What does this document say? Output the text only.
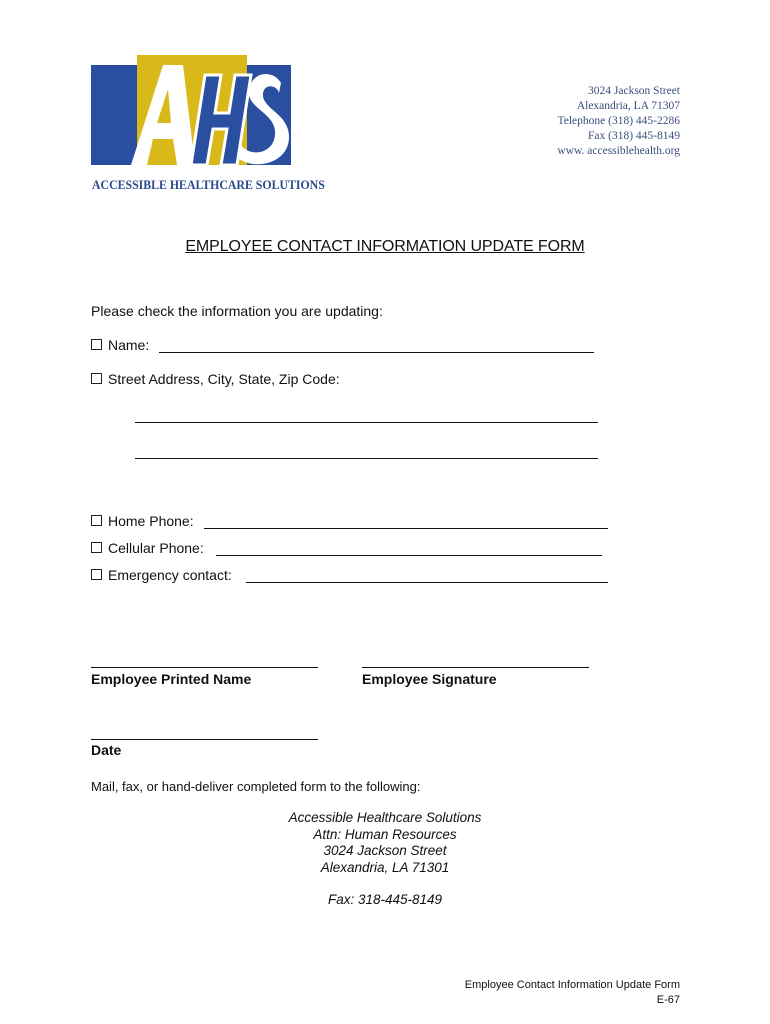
ACCESSIBLE HEALTHCARE SOLUTIONS
3024 Jackson Street
Alexandria, LA 71307
Telephone (318) 445-2286
Fax (318) 445-8149
www. accessiblehealth.org
EMPLOYEE CONTACT INFORMATION UPDATE FORM
Please check the information you are updating:
Name:
Street Address, City, State, Zip Code:
Home Phone:
Cellular Phone:
Emergency contact:
Employee Printed Name	Employee Signature
Date
Mail, fax, or hand-deliver completed form to the following:
Accessible Healthcare Solutions
Attn: Human Resources
3024 Jackson Street
Alexandria, LA 71301
Fax: 318-445-8149
Employee Contact Information Update Form
E-67
